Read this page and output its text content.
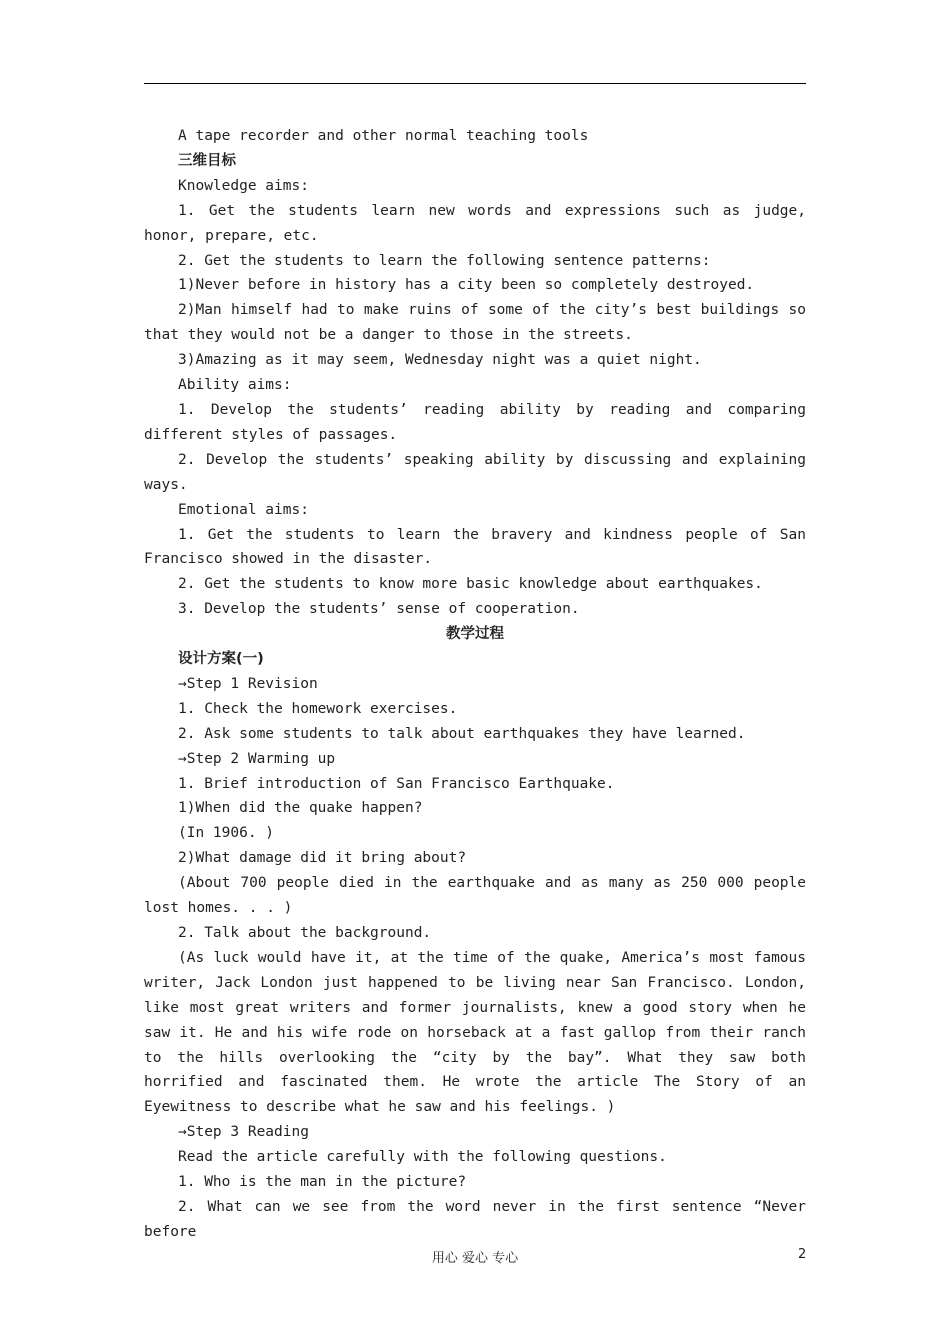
A tape recorder and other normal teaching tools

三维目标

Knowledge aims:

1. Get the students learn new words and expressions such as judge, honor, prepare, etc.

2. Get the students to learn the following sentence patterns:

1)Never before in history has a city been so completely destroyed.

2)Man himself had to make ruins of some of the city’s best buildings so that they would not be a danger to those in the streets.

3)Amazing as it may seem, Wednesday night was a quiet night.

Ability aims:

1. Develop the students’ reading ability by reading and comparing different styles of passages.

2. Develop the students’ speaking ability by discussing and explaining ways.

Emotional aims:

1. Get the students to learn the bravery and kindness people of San Francisco showed in the disaster.

2. Get the students to know more basic knowledge about earthquakes.

3. Develop the students’ sense of cooperation.

教学过程

设计方案(一)

→Step 1 Revision

1. Check the homework exercises.

2. Ask some students to talk about earthquakes they have learned.

→Step 2 Warming up

1. Brief introduction of San Francisco Earthquake.

1)When did the quake happen?

(In 1906. )

2)What damage did it bring about?

(About 700 people died in the earthquake and as many as 250 000 people lost homes. . . )

2. Talk about the background.

(As luck would have it, at the time of the quake, America’s most famous writer, Jack London just happened to be living near San Francisco. London, like most great writers and former journalists, knew a good story when he saw it. He and his wife rode on horseback at a fast gallop from their ranch to the hills overlooking the “city by the bay”. What they saw both horrified and fascinated them. He wrote the article The Story of an Eyewitness to describe what he saw and his feelings. )

→Step 3 Reading

Read the article carefully with the following questions.

1. Who is the man in the picture?

2. What can we see from the word never in the first sentence “Never before

用心 爱心 专心	2
